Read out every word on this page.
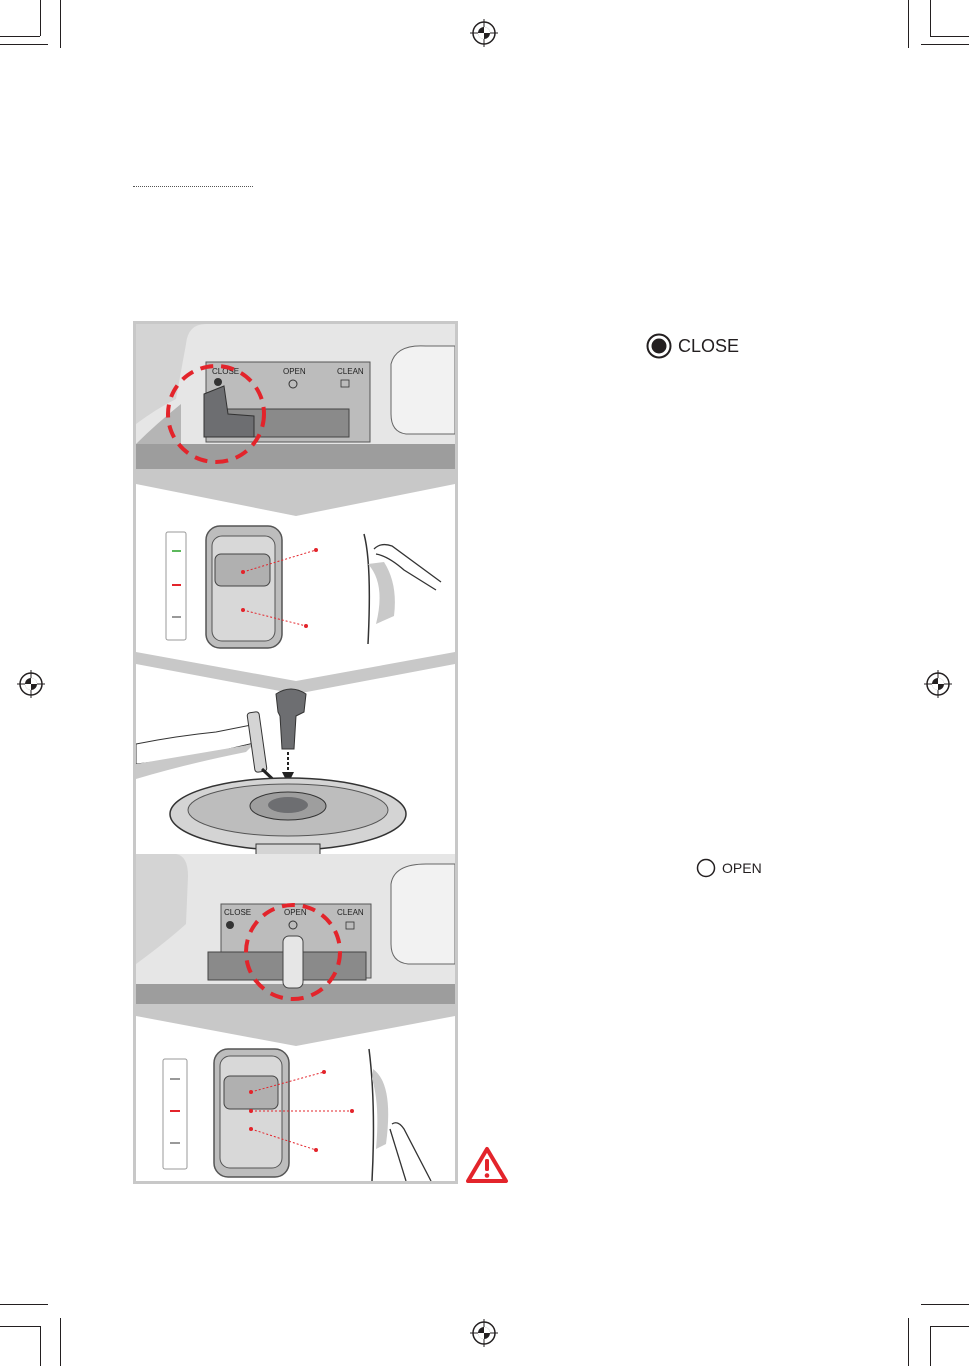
CLOSE	OPEN	CLEAN
CLOSE	OPEN	CLEAN
CLOSE
OPEN
